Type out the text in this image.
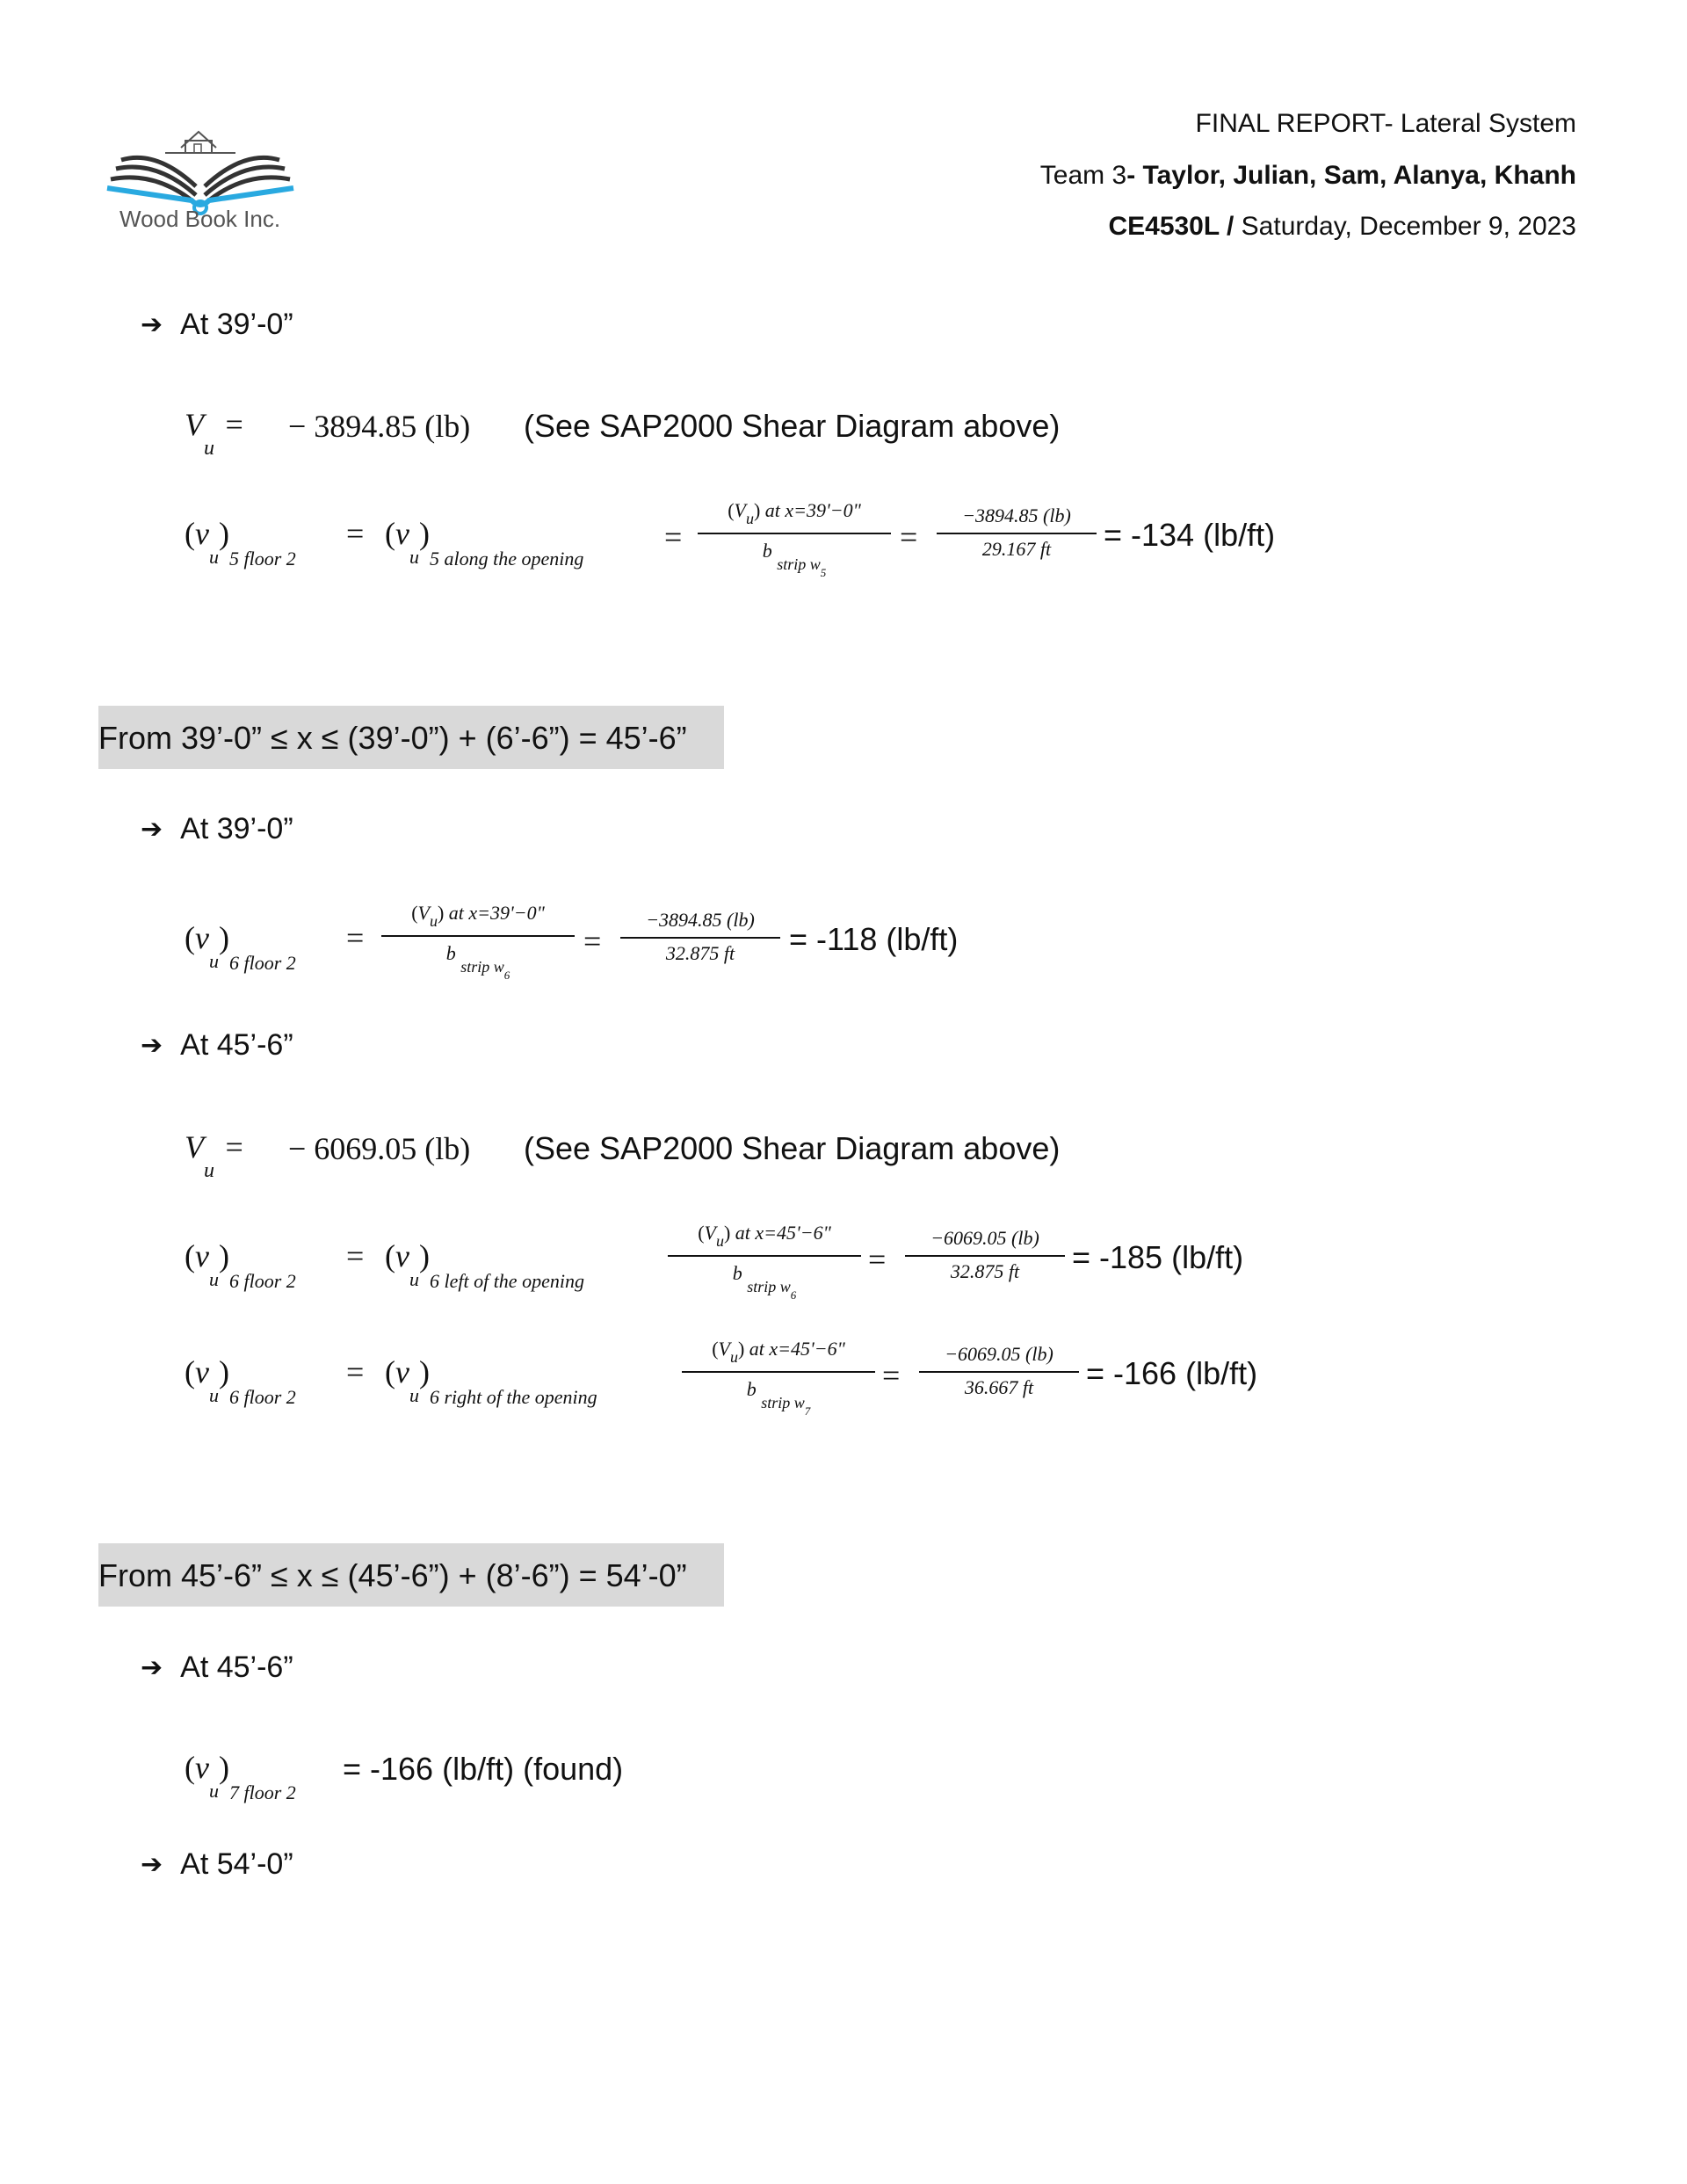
Wood Book Inc.
FINAL REPORT- Lateral System
Team 3- Taylor, Julian, Sam, Alanya, Khanh
CE4530L / Saturday, December 9, 2023
➔ At 39’-0”
Vu = − 3894.85 (lb) (See SAP2000 Shear Diagram above)
(vu)5 floor 2
= (vu)5 along the opening
=
$(V_u)$ at x=39'−0"
b $_{strip w5}$
=
−3894.85 (lb)
29.167 ft	= -134 (lb/ft)
From 39’-0” ≤ x ≤ (39’-0”) + (6’-6”) = 45’-6”
➔ At 39’-0”
(vu)6 floor 2
=
$(V_u)$ at x=39'−0"
b $_{strip w6}$
=
−3894.85 (lb)
32.875 ft	= -118 (lb/ft)
➔ At 45’-6”
Vu = − 6069.05 (lb) (See SAP2000 Shear Diagram above)
(vu)6 floor 2
= (vu)6 left of the opening
$(V_u)$ at x=45'−6"
b $_{strip w6}$
=
−6069.05 (lb)
32.875 ft	= -185 (lb/ft)
(vu)6 floor 2
= (vu)6 right of the opening
$(V_u)$ at x=45'−6"
b $_{strip w7}$
=
−6069.05 (lb)
36.667 ft	= -166 (lb/ft)
From 45’-6” ≤ x ≤ (45’-6”) + (8’-6”) = 54’-0”
➔ At 45’-6”
(vu)7 floor 2
= -166 (lb/ft) (found)
➔ At 54’-0”
